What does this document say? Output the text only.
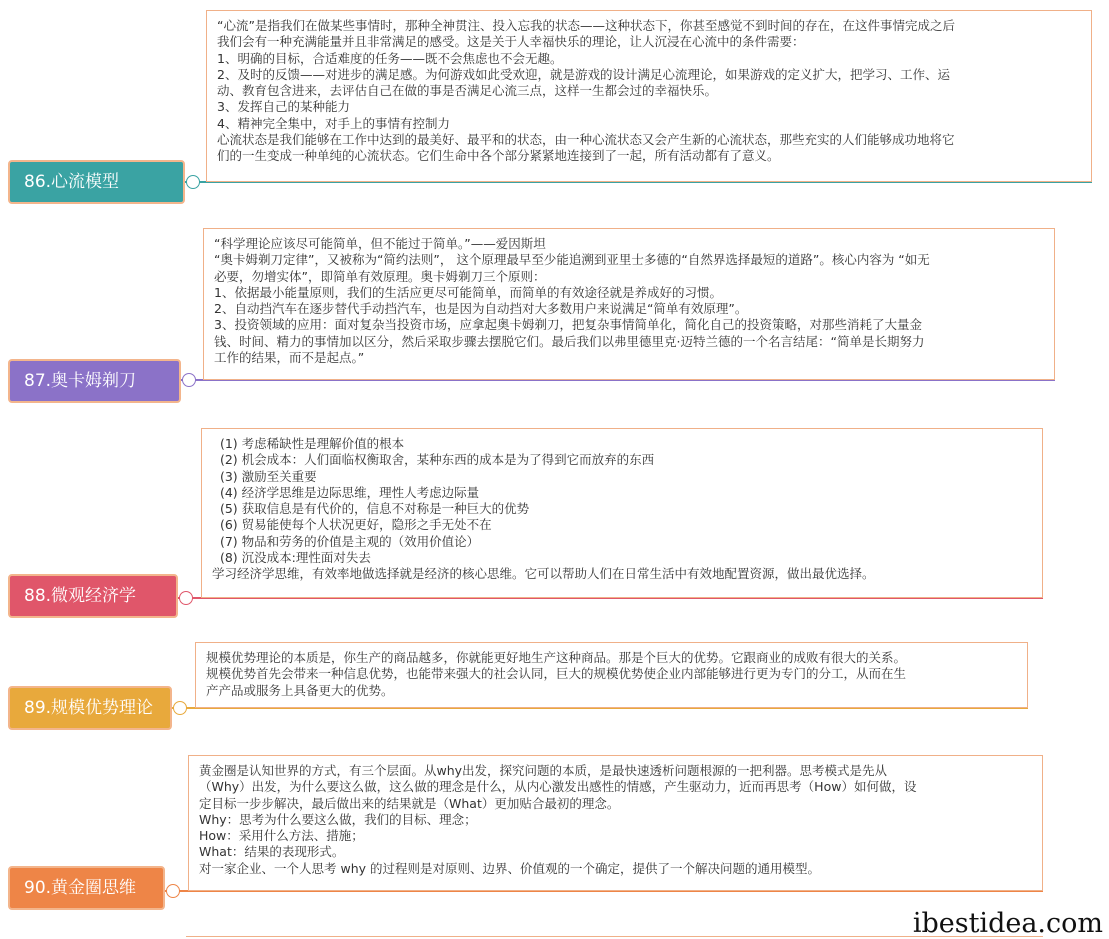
“心流”是指我们在做某些事情时，那种全神贯注、投入忘我的状态——这种状态下，你甚至感觉不到时间的存在，在这件事情完成之后
我们会有一种充满能量并且非常满足的感受。这是关于人幸福快乐的理论，让人沉浸在心流中的条件需要：
1、明确的目标，合适难度的任务——既不会焦虑也不会无趣。
2、及时的反馈——对进步的满足感。为何游戏如此受欢迎，就是游戏的设计满足心流理论，如果游戏的定义扩大，把学习、工作、运
动、教育包含进来，去评估自己在做的事是否满足心流三点，这样一生都会过的幸福快乐。
3、发挥自己的某种能力
4、精神完全集中，对手上的事情有控制力
心流状态是我们能够在工作中达到的最美好、最平和的状态，由一种心流状态又会产生新的心流状态，那些充实的人们能够成功地将它
们的一生变成一种单纯的心流状态。它们生命中各个部分紧紧地连接到了一起，所有活动都有了意义。
86.心流模型
“科学理论应该尽可能简单，但不能过于简单。”——爱因斯坦
“奥卡姆剃刀定律”，又被称为“简约法则”， 这个原理最早至少能追溯到亚里士多德的“自然界选择最短的道路”。核心内容为 “如无
必要，勿增实体”，即简单有效原理。奥卡姆剃刀三个原则：
1、依据最小能量原则，我们的生活应更尽可能简单，而简单的有效途径就是养成好的习惯。
2、自动挡汽车在逐步替代手动挡汽车，也是因为自动挡对大多数用户来说满足“简单有效原理”。
3、投资领域的应用：面对复杂当投资市场，应拿起奥卡姆剃刀，把复杂事情简单化，简化自己的投资策略，对那些消耗了大量金
钱、时间、精力的事情加以区分，然后采取步骤去摆脱它们。最后我们以弗里德里克·迈特兰德的一个名言结尾：“简单是长期努力
工作的结果，而不是起点。”
87.奥卡姆剃刀
(1) 考虑稀缺性是理解价值的根本
(2) 机会成本：人们面临权衡取舍，某种东西的成本是为了得到它而放弃的东西
(3) 激励至关重要
(4) 经济学思维是边际思维，理性人考虑边际量
(5) 获取信息是有代价的，信息不对称是一种巨大的优势
(6) 贸易能使每个人状况更好，隐形之手无处不在
(7) 物品和劳务的价值是主观的（效用价值论）
(8) 沉没成本:理性面对失去
学习经济学思维，有效率地做选择就是经济的核心思维。它可以帮助人们在日常生活中有效地配置资源，做出最优选择。
88.微观经济学
规模优势理论的本质是，你生产的商品越多，你就能更好地生产这种商品。那是个巨大的优势。它跟商业的成败有很大的关系。
规模优势首先会带来一种信息优势，也能带来强大的社会认同，巨大的规模优势使企业内部能够进行更为专门的分工，从而在生
产产品或服务上具备更大的优势。
89.规模优势理论
黄金圈是认知世界的方式，有三个层面。从why出发，探究问题的本质，是最快速透析问题根源的一把利器。思考模式是先从
（Why）出发，为什么要这么做，这么做的理念是什么，从内心激发出感性的情感，产生驱动力，近而再思考（How）如何做，设
定目标一步步解决，最后做出来的结果就是（What）更加贴合最初的理念。
Why：思考为什么要这么做，我们的目标、理念；
How：采用什么方法、措施；
What：结果的表现形式。
对一家企业、一个人思考 why 的过程则是对原则、边界、价值观的一个确定，提供了一个解决问题的通用模型。
90.黄金圈思维
ibestidea.com
